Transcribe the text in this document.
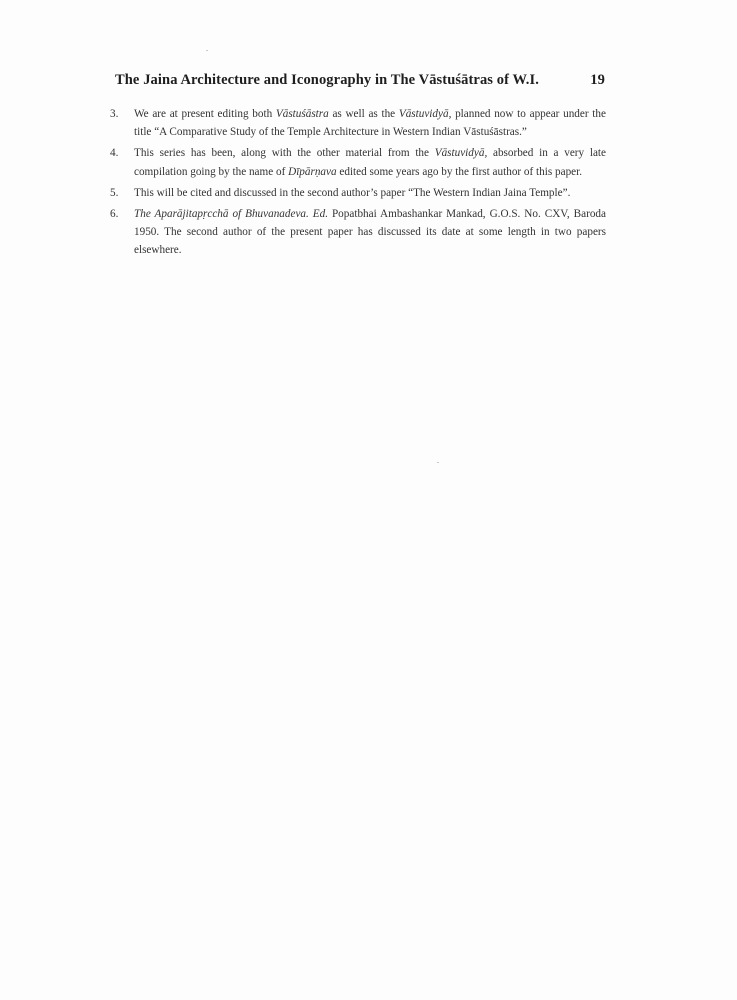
The Jaina Architecture and Iconography in The Vāstuśātras of W.I.	19
3.	We are at present editing both Vāstuśāstra as well as the Vāstuvidyā, planned now to appear under the title “A Comparative Study of the Temple Architecture in Western Indian Vāstuśāstras.”
4.	This series has been, along with the other material from the Vāstuvidyā, absorbed in a very late compilation going by the name of Dīpārṇava edited some years ago by the first author of this paper.
5.	This will be cited and discussed in the second author’s paper “The Western Indian Jaina Temple”.
6.	The Aparājitapṛcchā of Bhuvanadeva. Ed. Popatbhai Ambashankar Mankad, G.O.S. No. CXV, Baroda 1950. The second author of the present paper has discussed its date at some length in two papers elsewhere.
